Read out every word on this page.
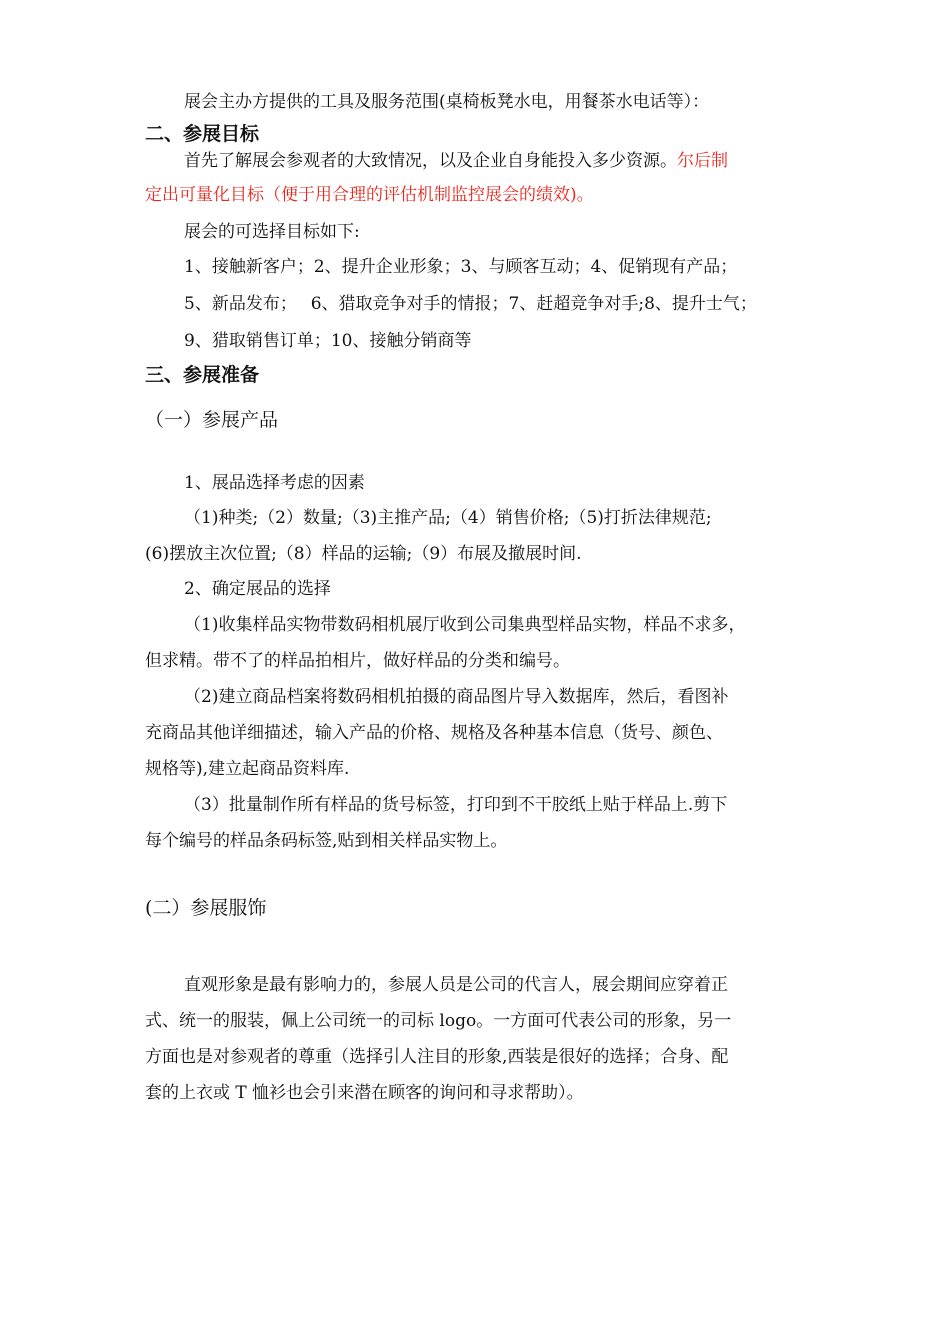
展会主办方提供的工具及服务范围(桌椅板凳水电，用餐茶水电话等）：

二、参展目标

首先了解展会参观者的大致情况，以及企业自身能投入多少资源。尔后制

定出可量化目标（便于用合理的评估机制监控展会的绩效)。

展会的可选择目标如下:

1、接触新客户；2、提升企业形象；3、与顾客互动；4、促销现有产品；

5、新品发布；　 6、猎取竞争对手的情报；7、赶超竞争对手;8、提升士气；

9、猎取销售订单；10、接触分销商等

三、参展准备

（一）参展产品

1、展品选择考虑的因素

（1)种类;（2）数量;（3)主推产品;（4）销售价格;（5)打折法律规范;

(6)摆放主次位置;（8）样品的运输;（9）布展及撤展时间.

2、确定展品的选择

（1)收集样品实物带数码相机展厅收到公司集典型样品实物，样品不求多，

但求精。带不了的样品拍相片，做好样品的分类和编号。

（2)建立商品档案将数码相机拍摄的商品图片导入数据库，然后，看图补

充商品其他详细描述，输入产品的价格、规格及各种基本信息（货号、颜色、

规格等),建立起商品资料库.

（3）批量制作所有样品的货号标签，打印到不干胶纸上贴于样品上.剪下

每个编号的样品条码标签,贴到相关样品实物上。

(二）参展服饰

直观形象是最有影响力的，参展人员是公司的代言人，展会期间应穿着正

式、统一的服装，佩上公司统一的司标 logo。一方面可代表公司的形象，另一

方面也是对参观者的尊重（选择引人注目的形象,西装是很好的选择；合身、配

套的上衣或 T 恤衫也会引来潜在顾客的询问和寻求帮助）。
